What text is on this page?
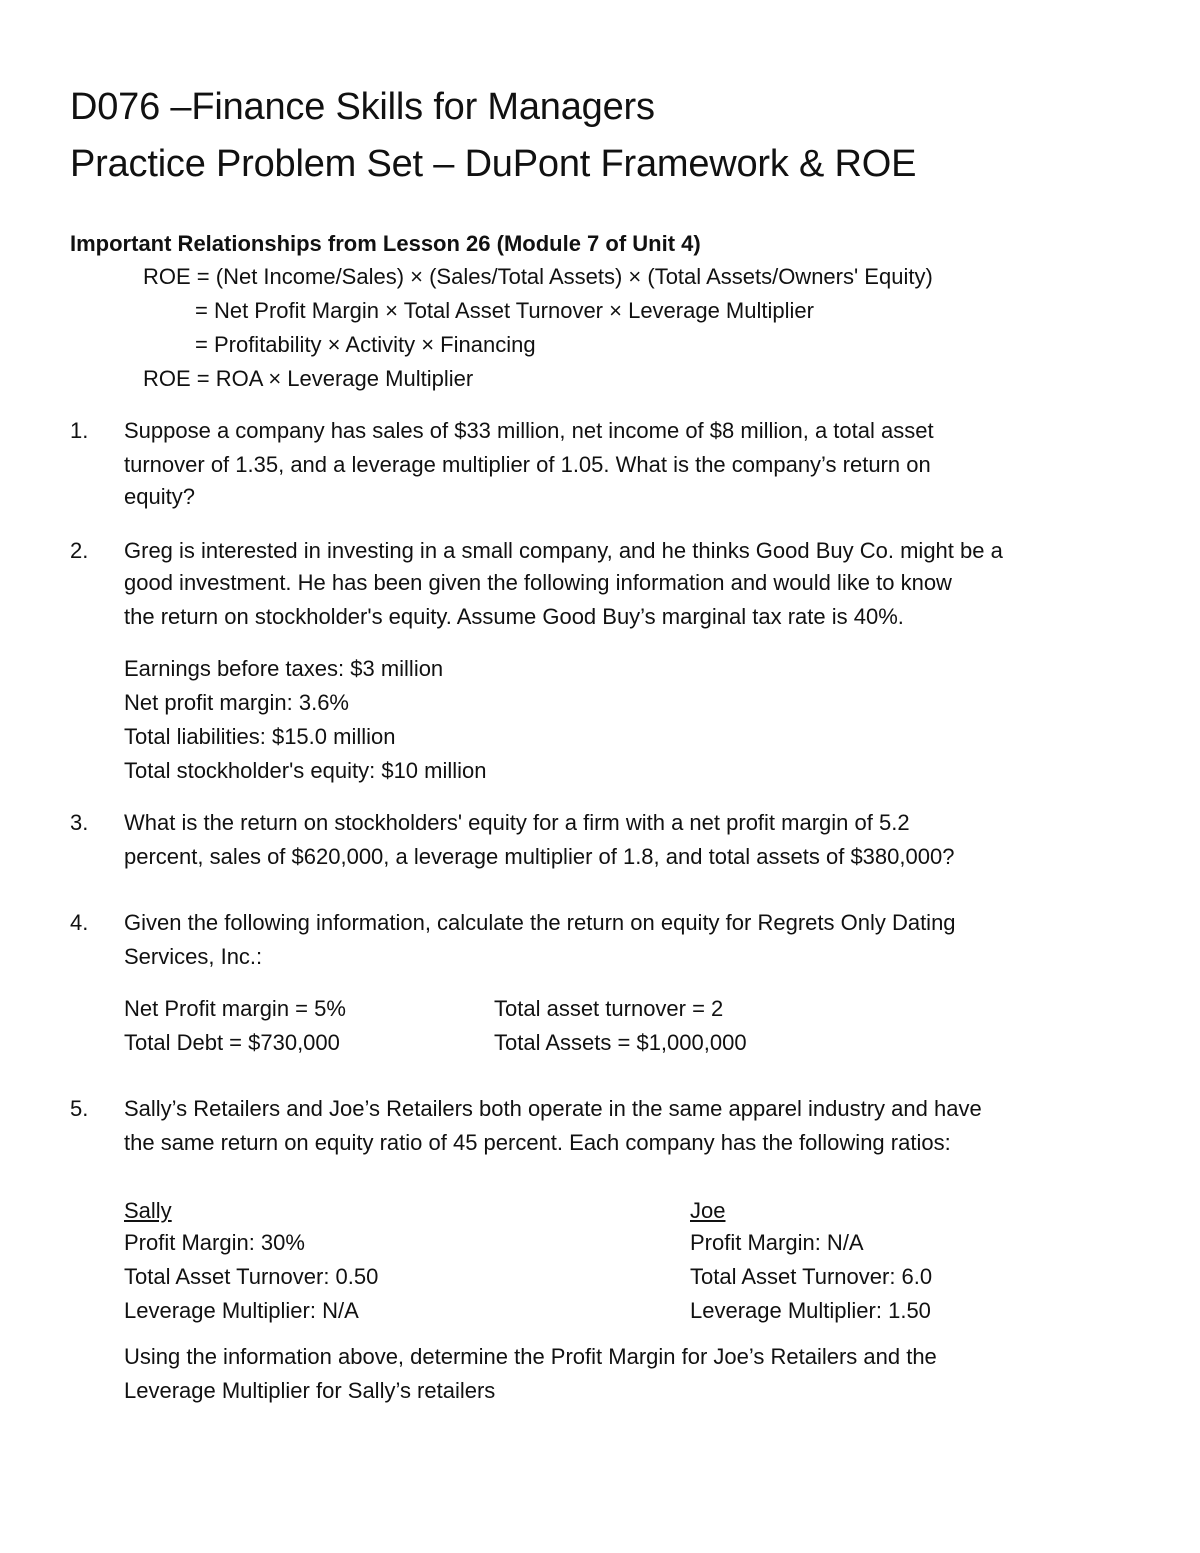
D076 –Finance Skills for Managers
Practice Problem Set – DuPont Framework & ROE
Important Relationships from Lesson 26 (Module 7 of Unit 4)
ROE = (Net Income/Sales) × (Sales/Total Assets) × (Total Assets/Owners' Equity)
= Net Profit Margin × Total Asset Turnover × Leverage Multiplier
= Profitability × Activity × Financing
ROE = ROA × Leverage Multiplier
1. Suppose a company has sales of $33 million, net income of $8 million, a total asset
turnover of 1.35, and a leverage multiplier of 1.05. What is the company’s return on
equity?
2. Greg is interested in investing in a small company, and he thinks Good Buy Co. might be a
good investment. He has been given the following information and would like to know
the return on stockholder's equity. Assume Good Buy’s marginal tax rate is 40%.
Earnings before taxes: $3 million
Net profit margin: 3.6%
Total liabilities: $15.0 million
Total stockholder's equity: $10 million
3. What is the return on stockholders' equity for a firm with a net profit margin of 5.2
percent, sales of $620,000, a leverage multiplier of 1.8, and total assets of $380,000?
4. Given the following information, calculate the return on equity for Regrets Only Dating
Services, Inc.:
Net Profit margin = 5%
Total Debt = $730,000
Total asset turnover = 2
Total Assets = $1,000,000
5. Sally’s Retailers and Joe’s Retailers both operate in the same apparel industry and have
the same return on equity ratio of 45 percent. Each company has the following ratios:
Sally
Profit Margin: 30%
Total Asset Turnover: 0.50
Leverage Multiplier: N/A
Joe
Profit Margin: N/A
Total Asset Turnover: 6.0
Leverage Multiplier: 1.50
Using the information above, determine the Profit Margin for Joe’s Retailers and the
Leverage Multiplier for Sally’s retailers
